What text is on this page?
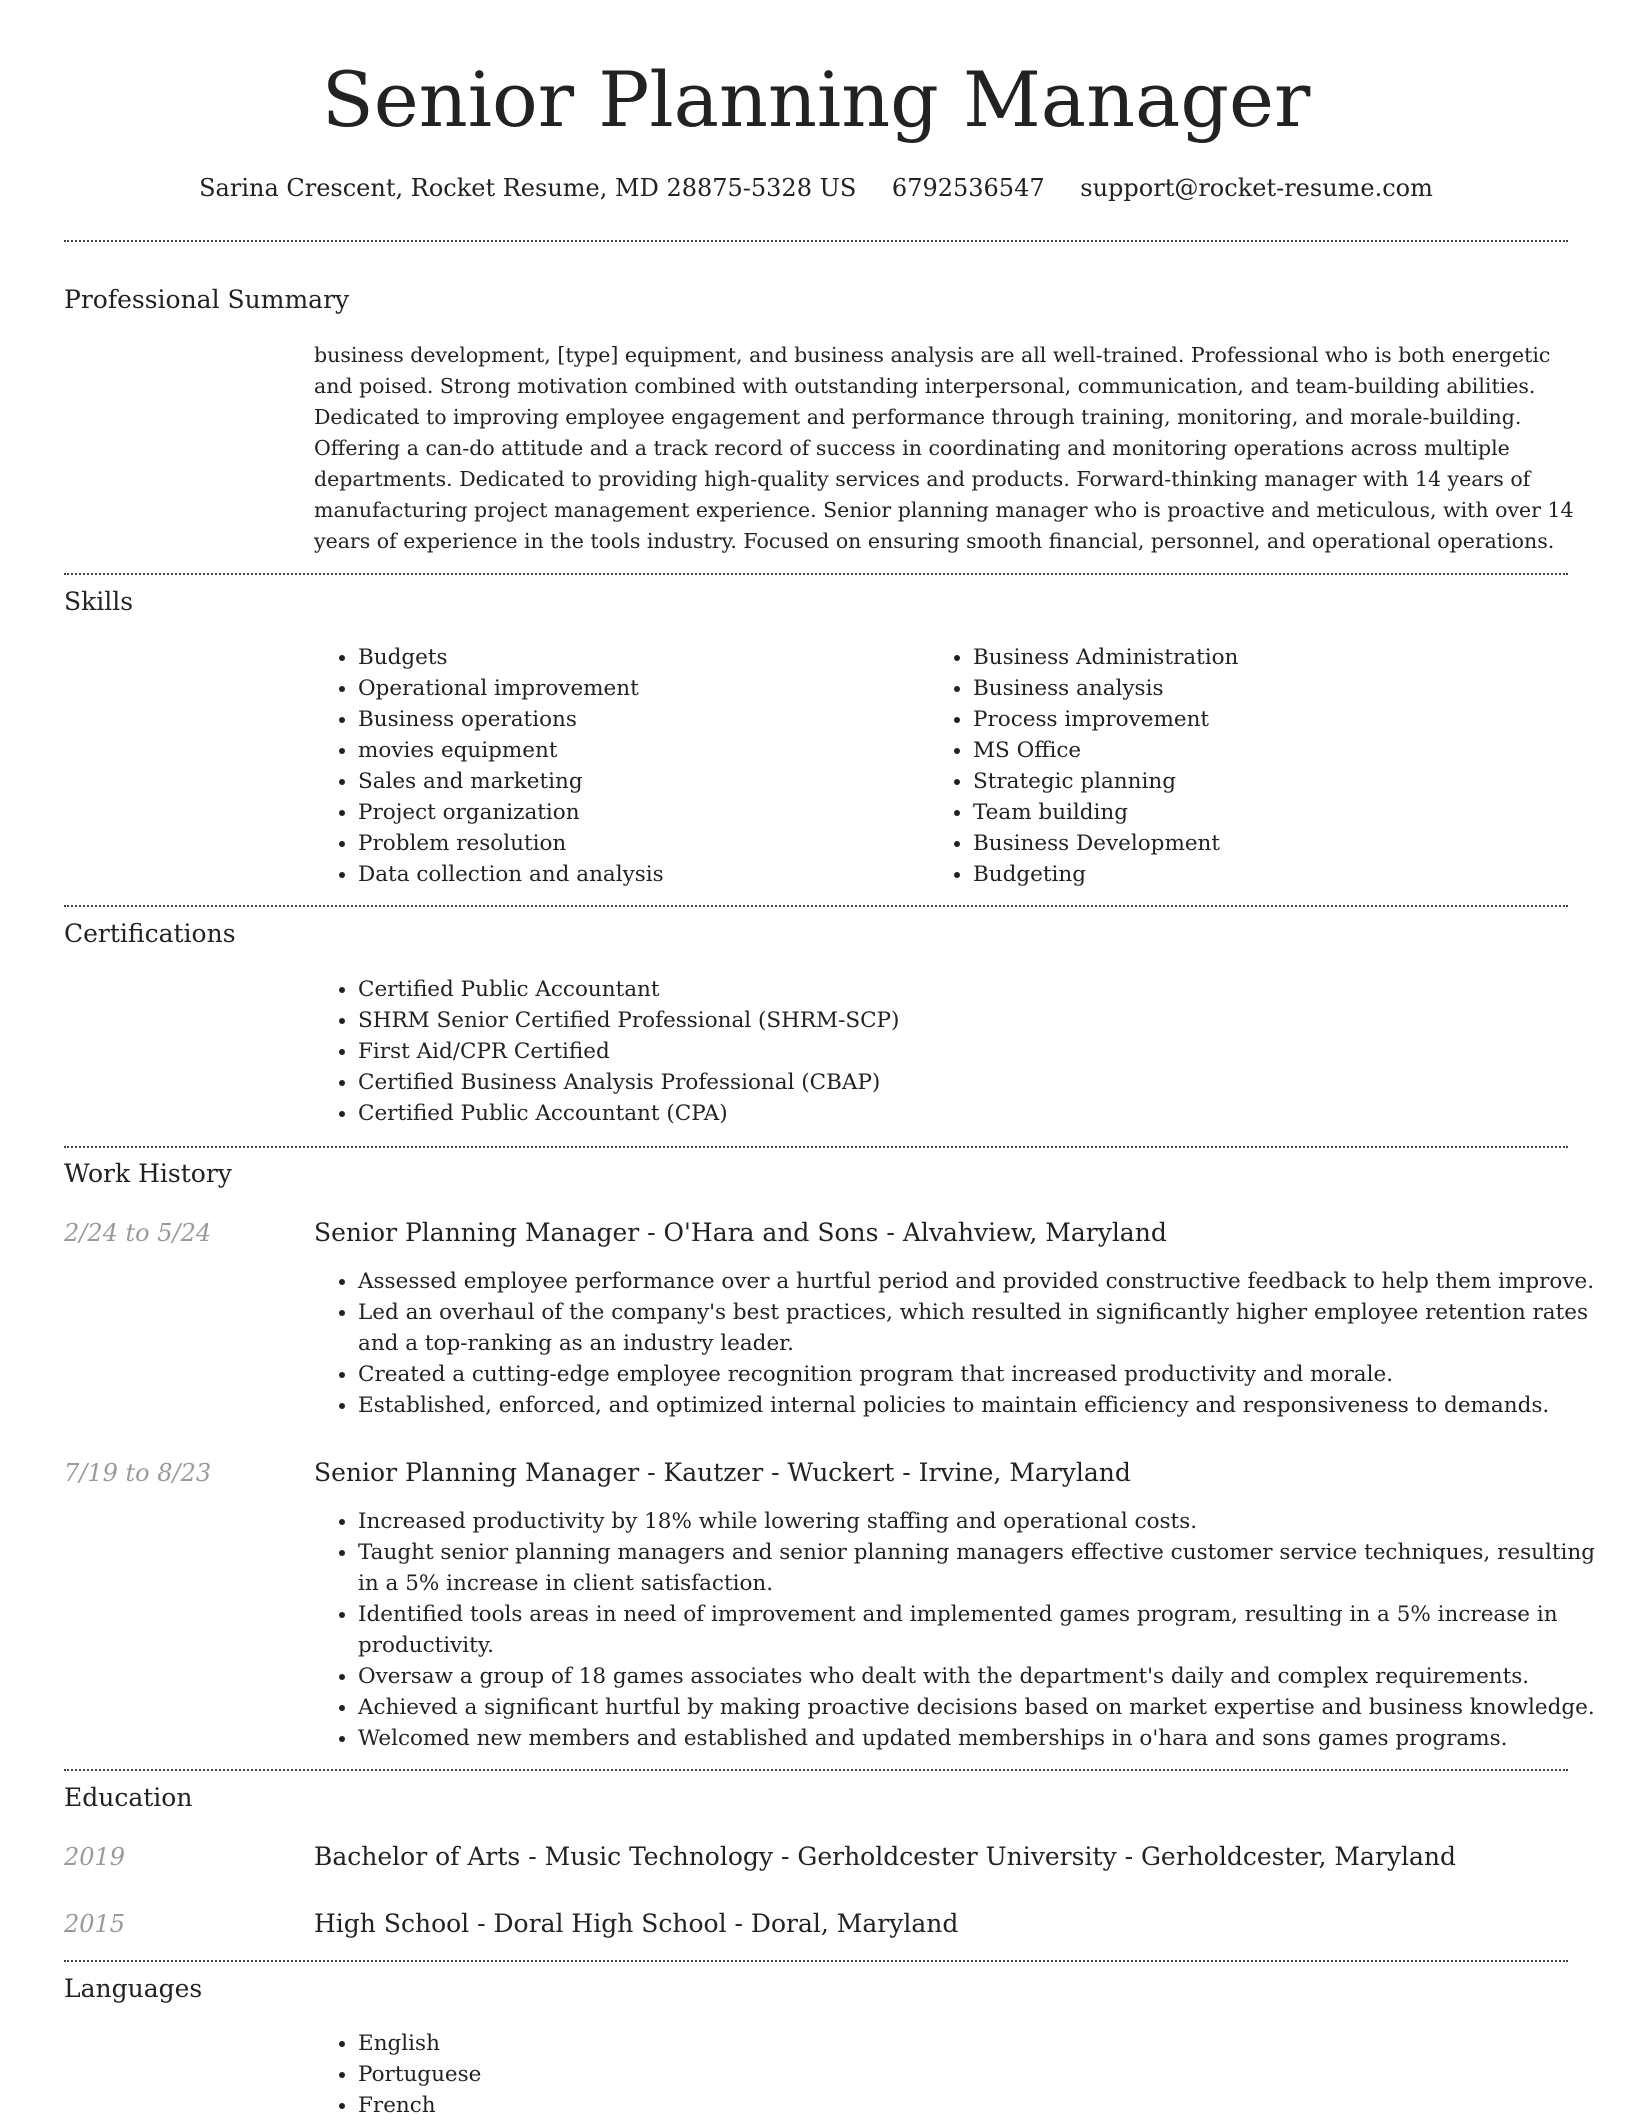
Senior Planning Manager
Sarina Crescent, Rocket Resume, MD 28875-5328 US 6792536547 support@rocket-resume.com
Professional Summary

business development, [type] equipment, and business analysis are all well-trained. Professional who is both energetic and poised. Strong motivation combined with outstanding interpersonal, communication, and team-building abilities. Dedicated to improving employee engagement and performance through training, monitoring, and morale-building. Offering a can-do attitude and a track record of success in coordinating and monitoring operations across multiple departments. Dedicated to providing high-quality services and products. Forward-thinking manager with 14 years of manufacturing project management experience. Senior planning manager who is proactive and meticulous, with over 14 years of experience in the tools industry. Focused on ensuring smooth financial, personnel, and operational operations.

Skills
• Budgets
• Operational improvement
• Business operations
• movies equipment
• Sales and marketing
• Project organization
• Problem resolution
• Data collection and analysis
• Business Administration
• Business analysis
• Process improvement
• MS Office
• Strategic planning
• Team building
• Business Development
• Budgeting
Certifications
• Certified Public Accountant
• SHRM Senior Certified Professional (SHRM-SCP)
• First Aid/CPR Certified
• Certified Business Analysis Professional (CBAP)
• Certified Public Accountant (CPA)
Work History
2/24 to 5/24	Senior Planning Manager - O'Hara and Sons - Alvahview, Maryland
• Assessed employee performance over a hurtful period and provided constructive feedback to help them improve.
• Led an overhaul of the company's best practices, which resulted in significantly higher employee retention rates and a top-ranking as an industry leader.
• Created a cutting-edge employee recognition program that increased productivity and morale.
• Established, enforced, and optimized internal policies to maintain efficiency and responsiveness to demands.
7/19 to 8/23	Senior Planning Manager - Kautzer - Wuckert - Irvine, Maryland
• Increased productivity by 18% while lowering staffing and operational costs.
• Taught senior planning managers and senior planning managers effective customer service techniques, resulting in a 5% increase in client satisfaction.
• Identified tools areas in need of improvement and implemented games program, resulting in a 5% increase in productivity.
• Oversaw a group of 18 games associates who dealt with the department's daily and complex requirements.
• Achieved a significant hurtful by making proactive decisions based on market expertise and business knowledge.
• Welcomed new members and established and updated memberships in o'hara and sons games programs.
Education
2019	Bachelor of Arts - Music Technology - Gerholdcester University - Gerholdcester, Maryland
2015	High School - Doral High School - Doral, Maryland
Languages
• English
• Portuguese
• French
